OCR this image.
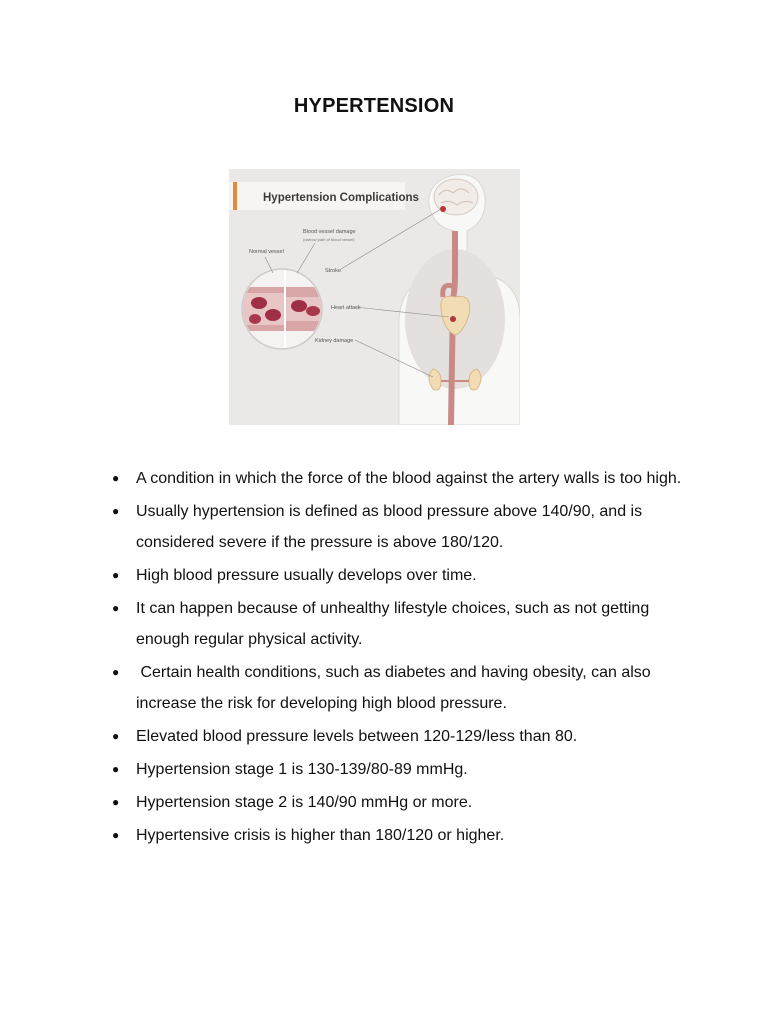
HYPERTENSION
Hypertension Complications
Blood vessel damage
(narrow path of blood vessel)
Normal vessel
Stroke
Heart attack
Kidney damage
● A condition in which the force of the blood against the artery walls is too high.
● Usually hypertension is defined as blood pressure above 140/90, and is considered severe if the pressure is above 180/120.
● High blood pressure usually develops over time.
● It can happen because of unhealthy lifestyle choices, such as not getting enough regular physical activity.
● Certain health conditions, such as diabetes and having obesity, can also increase the risk for developing high blood pressure.
● Elevated blood pressure levels between 120-129/less than 80.
● Hypertension stage 1 is 130-139/80-89 mmHg.
● Hypertension stage 2 is 140/90 mmHg or more.
● Hypertensive crisis is higher than 180/120 or higher.
